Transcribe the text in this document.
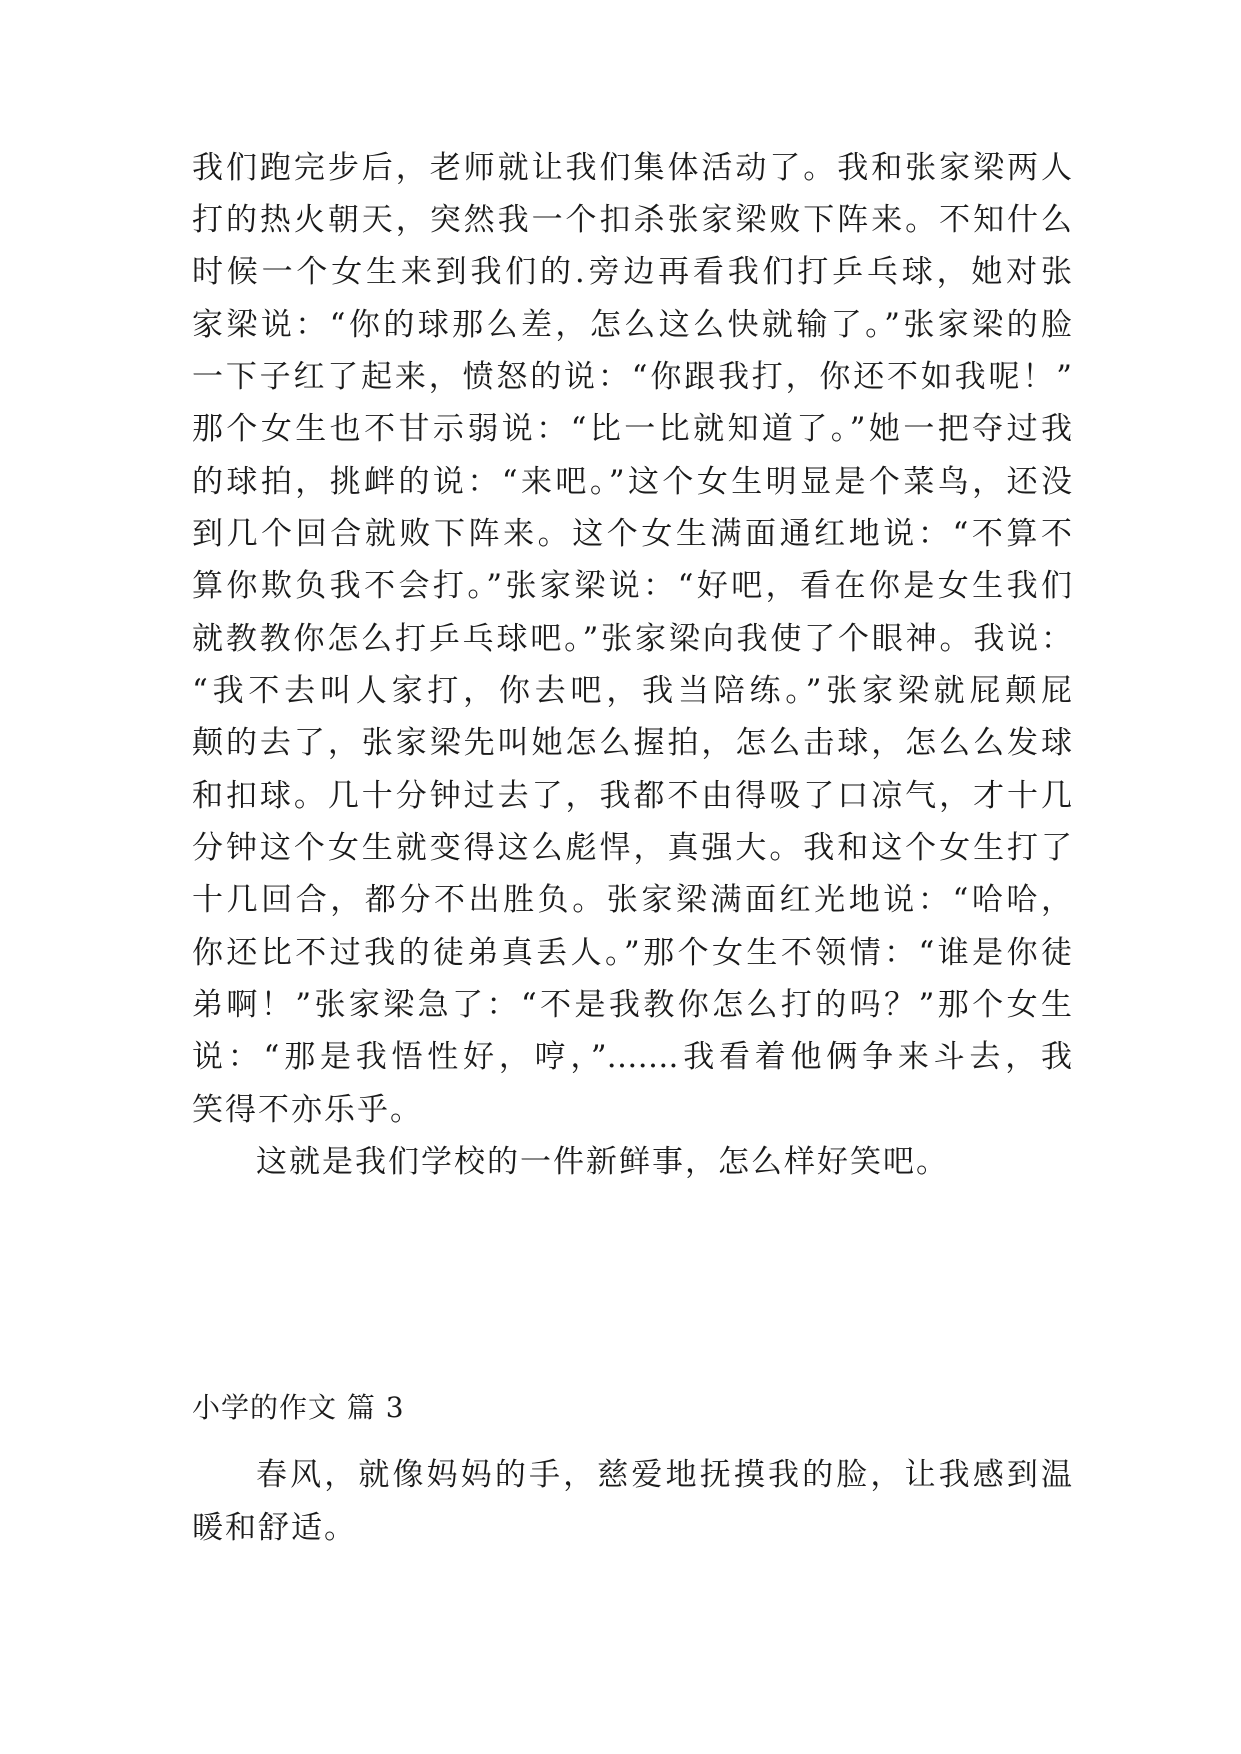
我们跑完步后，老师就让我们集体活动了。我和张家梁两人
打的热火朝天，突然我一个扣杀张家梁败下阵来。不知什么
时候一个女生来到我们的.旁边再看我们打乒乓球，她对张
家梁说：“你的球那么差，怎么这么快就输了。”张家梁的脸
一下子红了起来，愤怒的说：“你跟我打，你还不如我呢！”
那个女生也不甘示弱说：“比一比就知道了。”她一把夺过我
的球拍，挑衅的说：“来吧。”这个女生明显是个菜鸟，还没
到几个回合就败下阵来。这个女生满面通红地说：“不算不
算你欺负我不会打。”张家梁说：“好吧，看在你是女生我们
就教教你怎么打乒乓球吧。”张家梁向我使了个眼神。我说：
“我不去叫人家打，你去吧，我当陪练。”张家梁就屁颠屁
颠的去了，张家梁先叫她怎么握拍，怎么击球，怎么么发球
和扣球。几十分钟过去了，我都不由得吸了口凉气，才十几
分钟这个女生就变得这么彪悍，真强大。我和这个女生打了
十几回合，都分不出胜负。张家梁满面红光地说：“哈哈，
你还比不过我的徒弟真丢人。”那个女生不领情：“谁是你徒
弟啊！”张家梁急了：“不是我教你怎么打的吗？”那个女生
说：“那是我悟性好，哼，”…….我看着他俩争来斗去，我
笑得不亦乐乎。
这就是我们学校的一件新鲜事，怎么样好笑吧。
小学的作文 篇 3
春风，就像妈妈的手，慈爱地抚摸我的脸，让我感到温
暖和舒适。
